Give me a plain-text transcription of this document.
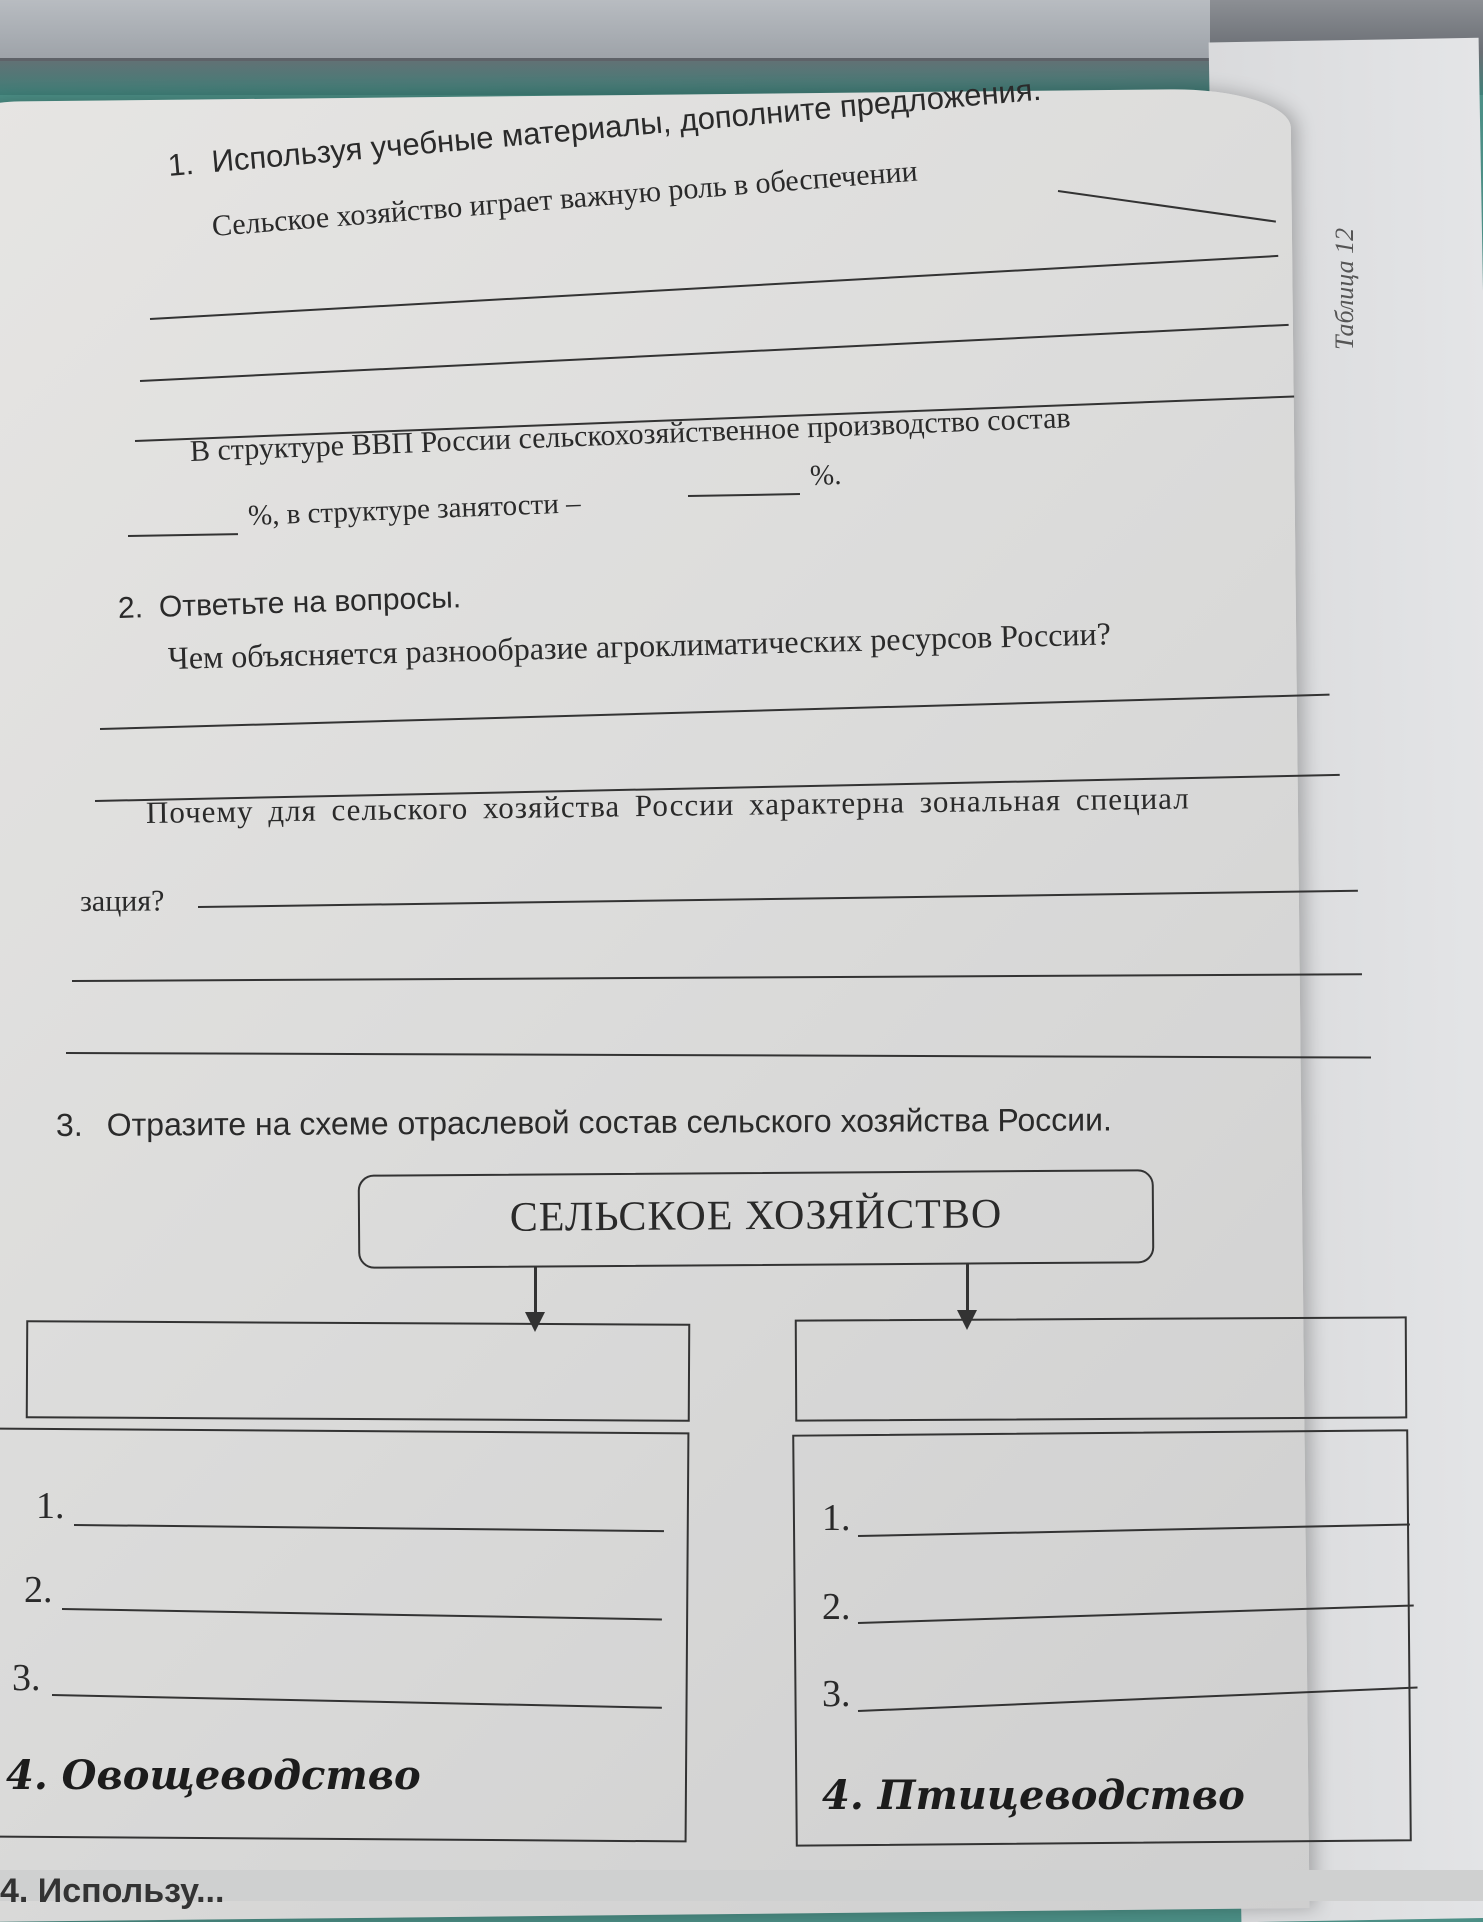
Таблица 12
1. Используя учебные материалы, дополните предложения.
Сельское хозяйство играет важную роль в обеспечении
В структуре ВВП России сельскохозяйственное производство состав
%, в структуре занятости –
%.
2. Ответьте на вопросы.
Чем объясняется разнообразие агроклиматических ресурсов России?
Почему для сельского хозяйства России характерна зональная специал
зация?
3. Отразите на схеме отраслевой состав сельского хозяйства России.
СЕЛЬСКОЕ ХОЗЯЙСТВО
1.
2.
3.
4. Овощеводство
1.
2.
3.
4. Птицеводство
4. Использу...
